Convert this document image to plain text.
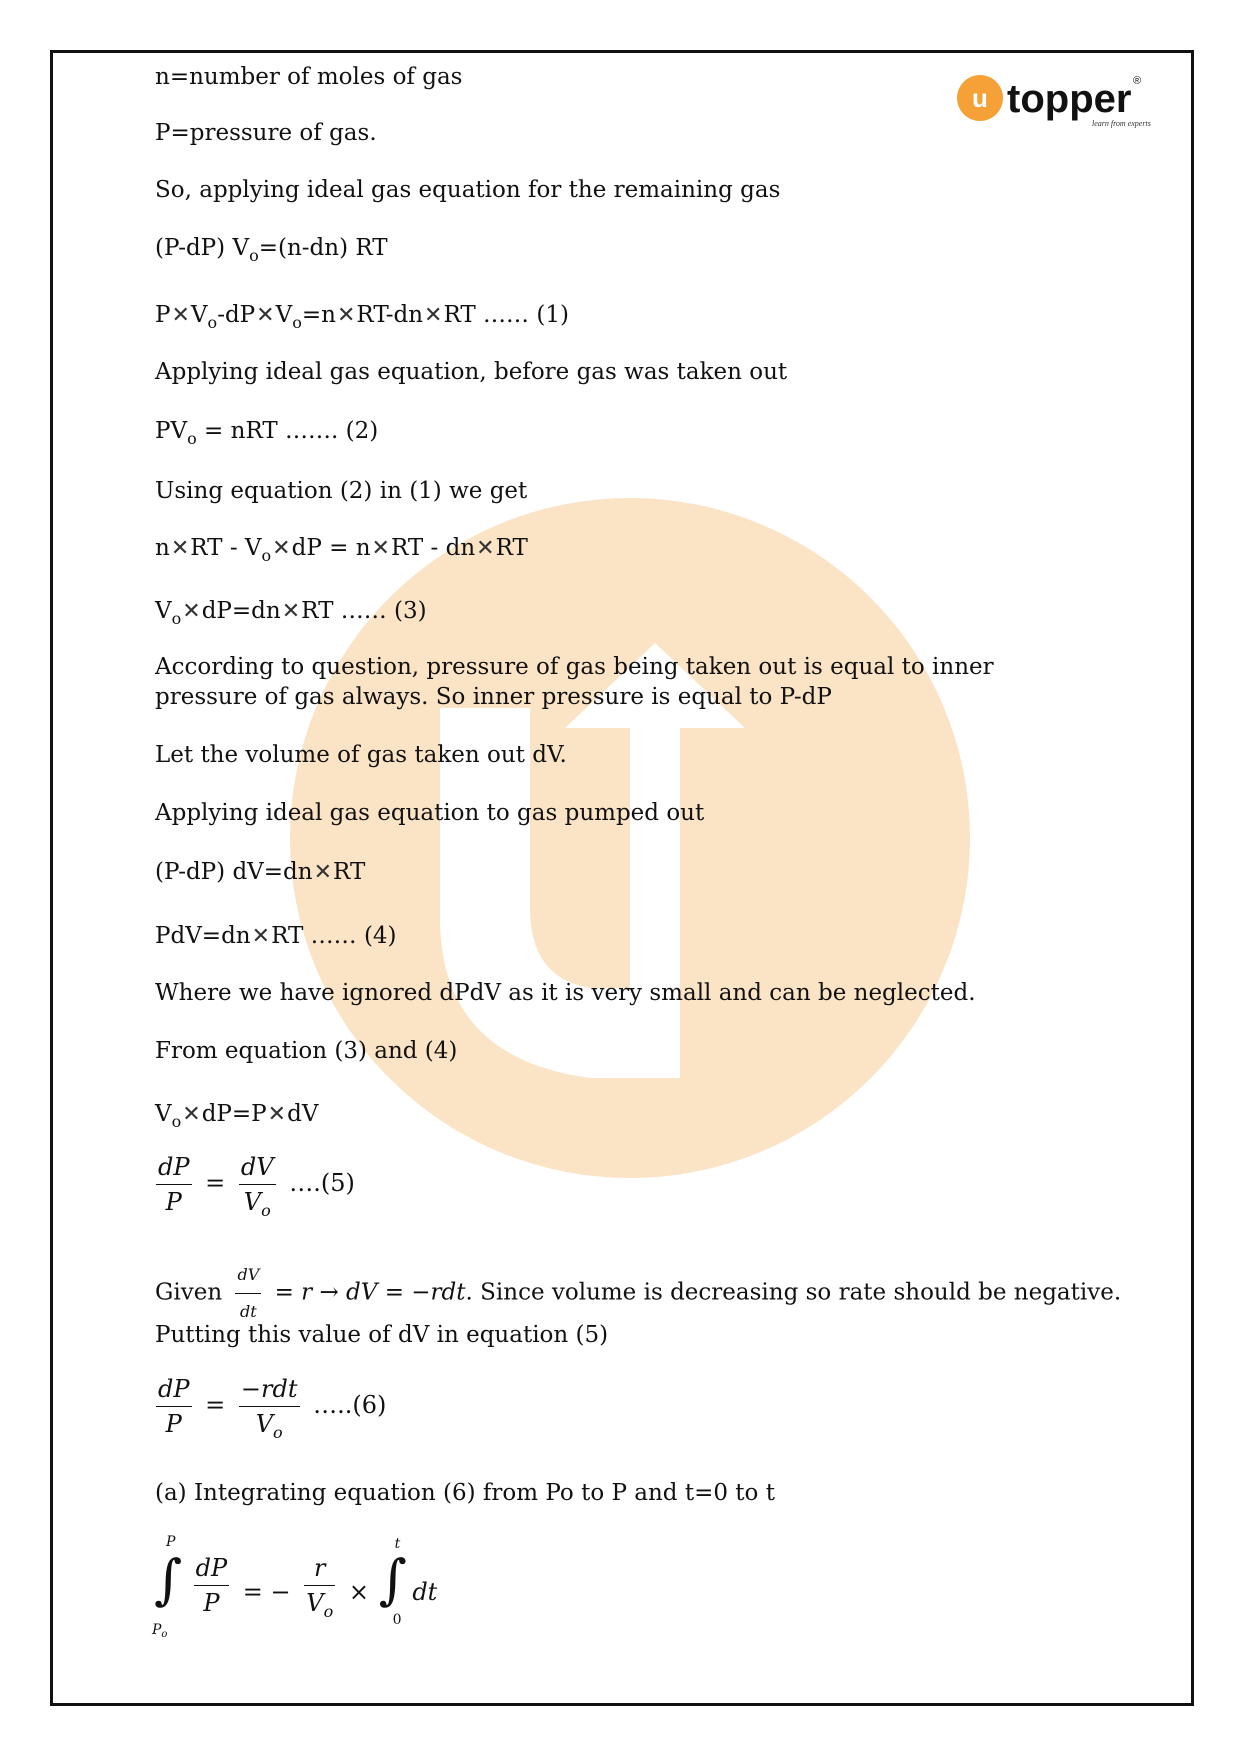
u topper ®
learn from experts
n=number of moles of gas
P=pressure of gas.
So, applying ideal gas equation for the remaining gas
(P-dP) $V_o=(n-dn)$ RT
$P✕V_o-dP✕V_o=n✕RT-dn✕RT$ …… (1)
Applying ideal gas equation, before gas was taken out
$PV_o$ = nRT ……. (2)
Using equation (2) in (1) we get
n✕RT - $V_o✕dP$ = n✕RT - dn✕RT
$V_o✕dP=dn✕RT$ …… (3)
According to question, pressure of gas being taken out is equal to inner pressure of gas always. So inner pressure is equal to P-dP
Let the volume of gas taken out dV.
Applying ideal gas equation to gas pumped out
(P-dP) dV=dn✕RT
PdV=dn✕RT …… (4)
Where we have ignored dPdV as it is very small and can be neglected.
From equation (3) and (4)
$V_o✕dP=P✕dV$
$\frac{dP}{P} = \frac{dV}{V_o}$ ….(5)
Given $\frac{dV}{dt} = r$ → dV = −rdt. Since volume is decreasing so rate should be negative.
Putting this value of dV in equation (5)
$\frac{dP}{P} = \frac{\text{−rdt}}{V_o}$ …..(6)
(a) Integrating equation (6) from Po to P and t=0 to t
P
∫
$P_o$

$\frac{dP}{P}$ = − $\frac{r}{V_o}$ ×
t
∫
0
dt
